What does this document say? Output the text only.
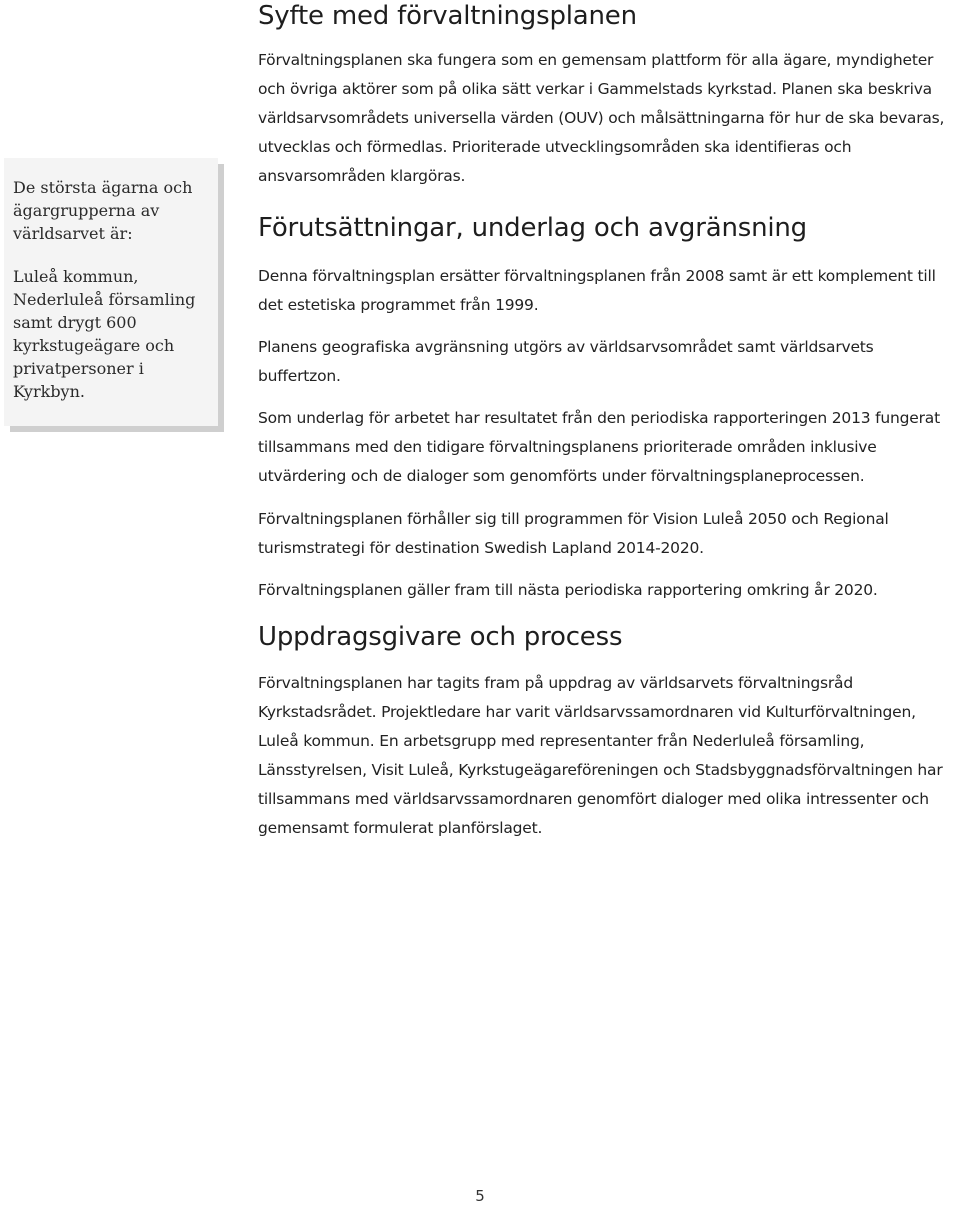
De största ägarna och ägargrupperna av världsarvet är:

Luleå kommun, Nederluleå församling samt drygt 600 kyrkstugeägare och privatpersoner i Kyrkbyn.

Syfte med förvaltningsplanen

Förvaltningsplanen ska fungera som en gemensam plattform för alla ägare, myndigheter och övriga aktörer som på olika sätt verkar i Gammelstads kyrkstad. Planen ska beskriva världsarvsområdets universella värden (OUV) och målsättningarna för hur de ska bevaras, utvecklas och förmedlas. Prioriterade utvecklingsområden ska identifieras och ansvarsområden klargöras.

Förutsättningar, underlag och avgränsning

Denna förvaltningsplan ersätter förvaltningsplanen från 2008 samt är ett komplement till det estetiska programmet från 1999.

Planens geografiska avgränsning utgörs av världsarvsområdet samt världsarvets buffertzon.

Som underlag för arbetet har resultatet från den periodiska rapporteringen 2013 fungerat tillsammans med den tidigare förvaltningsplanens prioriterade områden inklusive utvärdering och de dialoger som genomförts under förvaltningsplaneprocessen.

Förvaltningsplanen förhåller sig till programmen för Vision Luleå 2050 och Regional turismstrategi för destination Swedish Lapland 2014-2020.

Förvaltningsplanen gäller fram till nästa periodiska rapportering omkring år 2020.

Uppdragsgivare och process

Förvaltningsplanen har tagits fram på uppdrag av världsarvets förvaltningsråd Kyrkstadsrådet. Projektledare har varit världsarvssamordnaren vid Kulturförvaltningen, Luleå kommun. En arbetsgrupp med representanter från Nederluleå församling, Länsstyrelsen, Visit Luleå, Kyrkstugeägareföreningen och Stadsbyggnadsförvaltningen har tillsammans med världsarvssamordnaren genomfört dialoger med olika intressenter och gemensamt formulerat planförslaget.

5
